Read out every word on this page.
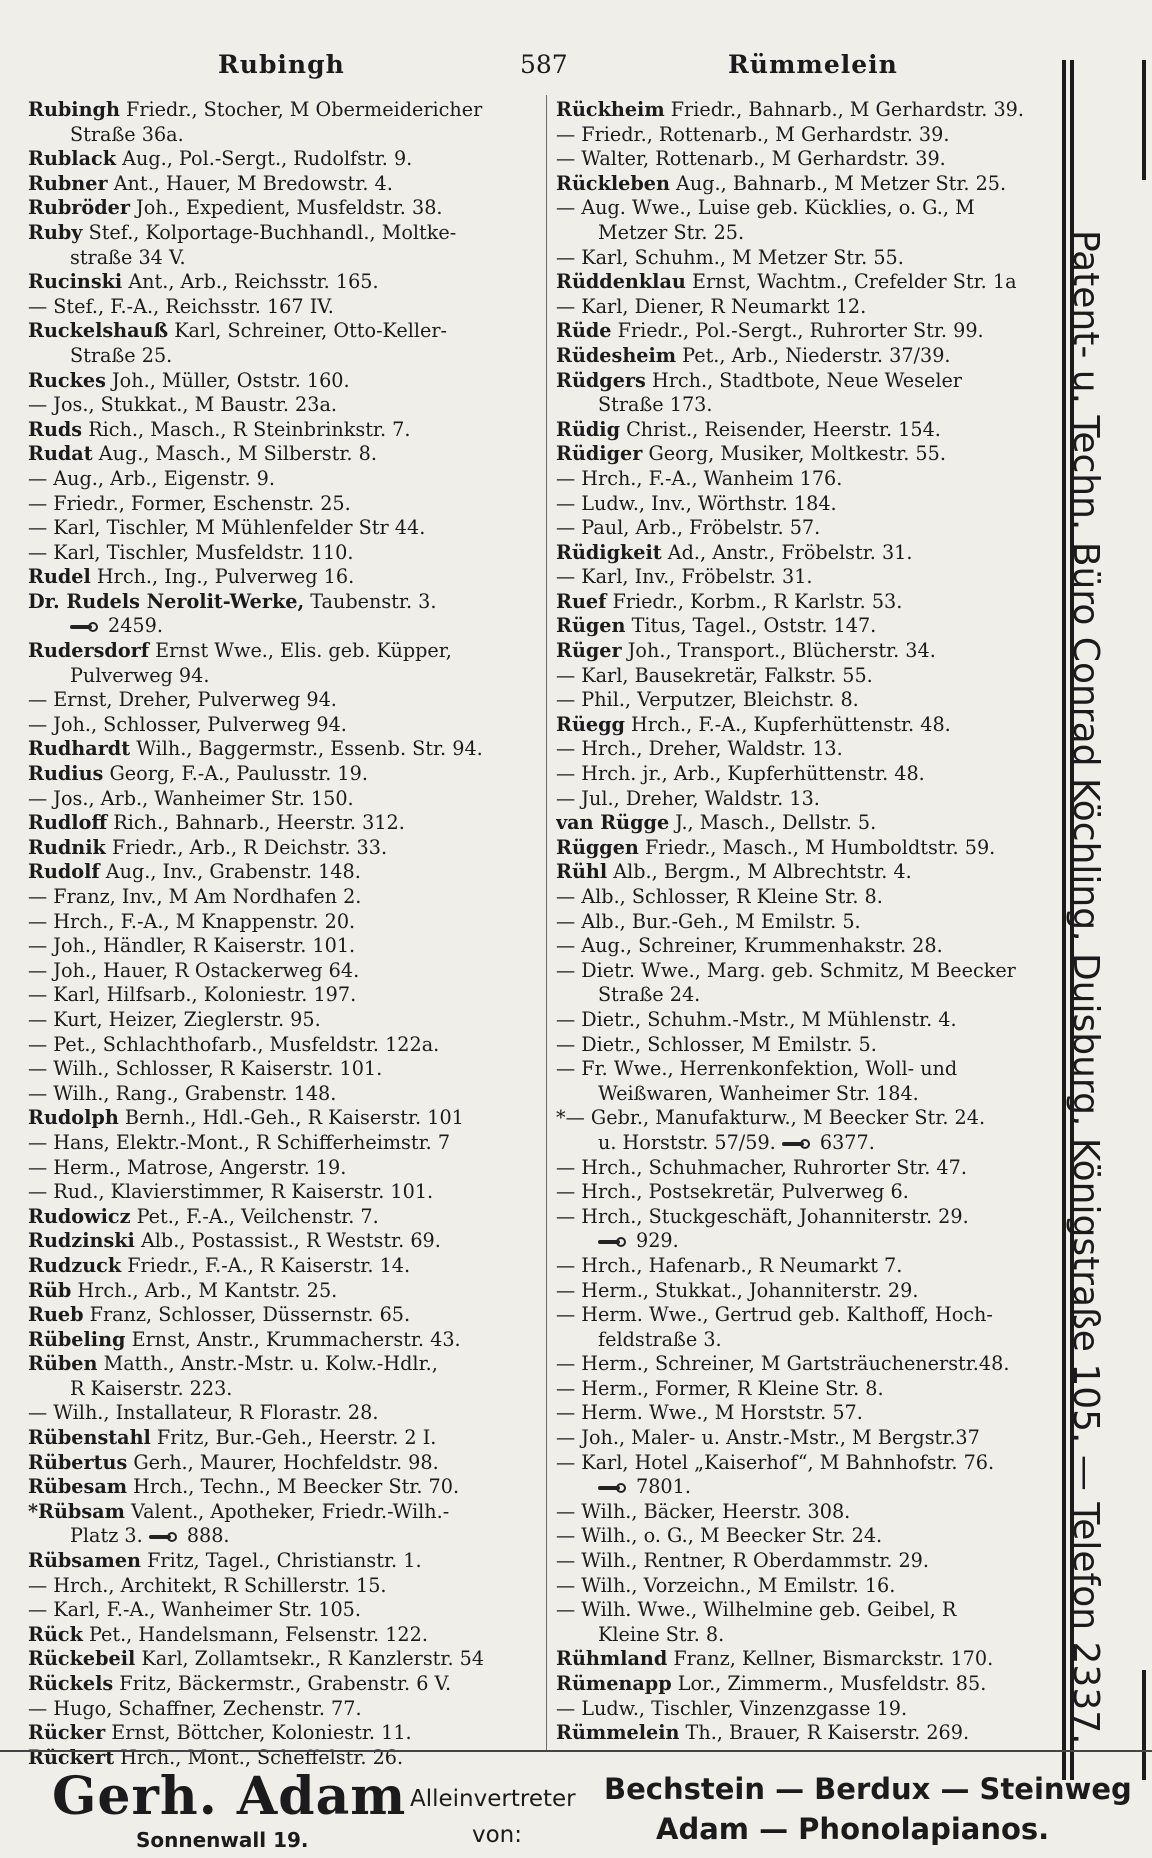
Rubingh	587	Rümmelein
Rubingh Friedr., Stocher, M Obermeidericher
Straße 36a.
Rublack Aug., Pol.-Sergt., Rudolfstr. 9.
Rubner Ant., Hauer, M Bredowstr. 4.
Rubröder Joh., Expedient, Musfeldstr. 38.
Ruby Stef., Kolportage-Buchhandl., Moltke-
straße 34 V.
Rucinski Ant., Arb., Reichsstr. 165.
— Stef., F.-A., Reichsstr. 167 IV.
Ruckelshauß Karl, Schreiner, Otto-Keller-
Straße 25.
Ruckes Joh., Müller, Oststr. 160.
— Jos., Stukkat., M Baustr. 23a.
Ruds Rich., Masch., R Steinbrinkstr. 7.
Rudat Aug., Masch., M Silberstr. 8.
— Aug., Arb., Eigenstr. 9.
— Friedr., Former, Eschenstr. 25.
— Karl, Tischler, M Mühlenfelder Str 44.
— Karl, Tischler, Musfeldstr. 110.
Rudel Hrch., Ing., Pulverweg 16.
Dr. Rudels Nerolit-Werke, Taubenstr. 3.
2459.
Rudersdorf Ernst Wwe., Elis. geb. Küpper,
Pulverweg 94.
— Ernst, Dreher, Pulverweg 94.
— Joh., Schlosser, Pulverweg 94.
Rudhardt Wilh., Baggermstr., Essenb. Str. 94.
Rudius Georg, F.-A., Paulusstr. 19.
— Jos., Arb., Wanheimer Str. 150.
Rudloff Rich., Bahnarb., Heerstr. 312.
Rudnik Friedr., Arb., R Deichstr. 33.
Rudolf Aug., Inv., Grabenstr. 148.
— Franz, Inv., M Am Nordhafen 2.
— Hrch., F.-A., M Knappenstr. 20.
— Joh., Händler, R Kaiserstr. 101.
— Joh., Hauer, R Ostackerweg 64.
— Karl, Hilfsarb., Koloniestr. 197.
— Kurt, Heizer, Zieglerstr. 95.
— Pet., Schlachthofarb., Musfeldstr. 122a.
— Wilh., Schlosser, R Kaiserstr. 101.
— Wilh., Rang., Grabenstr. 148.
Rudolph Bernh., Hdl.-Geh., R Kaiserstr. 101
— Hans, Elektr.-Mont., R Schifferheimstr. 7
— Herm., Matrose, Angerstr. 19.
— Rud., Klavierstimmer, R Kaiserstr. 101.
Rudowicz Pet., F.-A., Veilchenstr. 7.
Rudzinski Alb., Postassist., R Weststr. 69.
Rudzuck Friedr., F.-A., R Kaiserstr. 14.
Rüb Hrch., Arb., M Kantstr. 25.
Rueb Franz, Schlosser, Düssernstr. 65.
Rübeling Ernst, Anstr., Krummacherstr. 43.
Rüben Matth., Anstr.-Mstr. u. Kolw.-Hdlr.,
R Kaiserstr. 223.
— Wilh., Installateur, R Florastr. 28.
Rübenstahl Fritz, Bur.-Geh., Heerstr. 2 I.
Rübertus Gerh., Maurer, Hochfeldstr. 98.
Rübesam Hrch., Techn., M Beecker Str. 70.
*Rübsam Valent., Apotheker, Friedr.-Wilh.-
Platz 3. 888.
Rübsamen Fritz, Tagel., Christianstr. 1.
— Hrch., Architekt, R Schillerstr. 15.
— Karl, F.-A., Wanheimer Str. 105.
Rück Pet., Handelsmann, Felsenstr. 122.
Rückebeil Karl, Zollamtsekr., R Kanzlerstr. 54
Rückels Fritz, Bäckermstr., Grabenstr. 6 V.
— Hugo, Schaffner, Zechenstr. 77.
Rücker Ernst, Böttcher, Koloniestr. 11.
Rückert Hrch., Mont., Scheffelstr. 26.
Rückheim Friedr., Bahnarb., M Gerhardstr. 39.
— Friedr., Rottenarb., M Gerhardstr. 39.
— Walter, Rottenarb., M Gerhardstr. 39.
Rückleben Aug., Bahnarb., M Metzer Str. 25.
— Aug. Wwe., Luise geb. Kücklies, o. G., M
Metzer Str. 25.
— Karl, Schuhm., M Metzer Str. 55.
Rüddenklau Ernst, Wachtm., Crefelder Str. 1a
— Karl, Diener, R Neumarkt 12.
Rüde Friedr., Pol.-Sergt., Ruhrorter Str. 99.
Rüdesheim Pet., Arb., Niederstr. 37/39.
Rüdgers Hrch., Stadtbote, Neue Weseler
Straße 173.
Rüdig Christ., Reisender, Heerstr. 154.
Rüdiger Georg, Musiker, Moltkestr. 55.
— Hrch., F.-A., Wanheim 176.
— Ludw., Inv., Wörthstr. 184.
— Paul, Arb., Fröbelstr. 57.
Rüdigkeit Ad., Anstr., Fröbelstr. 31.
— Karl, Inv., Fröbelstr. 31.
Ruef Friedr., Korbm., R Karlstr. 53.
Rügen Titus, Tagel., Oststr. 147.
Rüger Joh., Transport., Blücherstr. 34.
— Karl, Bausekretär, Falkstr. 55.
— Phil., Verputzer, Bleichstr. 8.
Rüegg Hrch., F.-A., Kupferhüttenstr. 48.
— Hrch., Dreher, Waldstr. 13.
— Hrch. jr., Arb., Kupferhüttenstr. 48.
— Jul., Dreher, Waldstr. 13.
van Rügge J., Masch., Dellstr. 5.
Rüggen Friedr., Masch., M Humboldtstr. 59.
Rühl Alb., Bergm., M Albrechtstr. 4.
— Alb., Schlosser, R Kleine Str. 8.
— Alb., Bur.-Geh., M Emilstr. 5.
— Aug., Schreiner, Krummenhakstr. 28.
— Dietr. Wwe., Marg. geb. Schmitz, M Beecker
Straße 24.
— Dietr., Schuhm.-Mstr., M Mühlenstr. 4.
— Dietr., Schlosser, M Emilstr. 5.
— Fr. Wwe., Herrenkonfektion, Woll- und
Weißwaren, Wanheimer Str. 184.
*— Gebr., Manufakturw., M Beecker Str. 24.
u. Horststr. 57/59. 6377.
— Hrch., Schuhmacher, Ruhrorter Str. 47.
— Hrch., Postsekretär, Pulverweg 6.
— Hrch., Stuckgeschäft, Johanniterstr. 29.
929.
— Hrch., Hafenarb., R Neumarkt 7.
— Herm., Stukkat., Johanniterstr. 29.
— Herm. Wwe., Gertrud geb. Kalthoff, Hoch-
feldstraße 3.
— Herm., Schreiner, M Gartsträuchenerstr.48.
— Herm., Former, R Kleine Str. 8.
— Herm. Wwe., M Horststr. 57.
— Joh., Maler- u. Anstr.-Mstr., M Bergstr.37
— Karl, Hotel „Kaiserhof“, M Bahnhofstr. 76.
7801.
— Wilh., Bäcker, Heerstr. 308.
— Wilh., o. G., M Beecker Str. 24.
— Wilh., Rentner, R Oberdammstr. 29.
— Wilh., Vorzeichn., M Emilstr. 16.
— Wilh. Wwe., Wilhelmine geb. Geibel, R
Kleine Str. 8.
Rühmland Franz, Kellner, Bismarckstr. 170.
Rümenapp Lor., Zimmerm., Musfeldstr. 85.
— Ludw., Tischler, Vinzenzgasse 19.
Rümmelein Th., Brauer, R Kaiserstr. 269.	Patent- u. Techn. Büro Conrad Köchling, Duisburg, Königstraße 105. — Telefon 2337.
Gerh. Adam
Sonnenwall 19.
Alleinvertreter
von:
Bechstein — Berdux — Steinweg
Adam — Phonolapianos.
